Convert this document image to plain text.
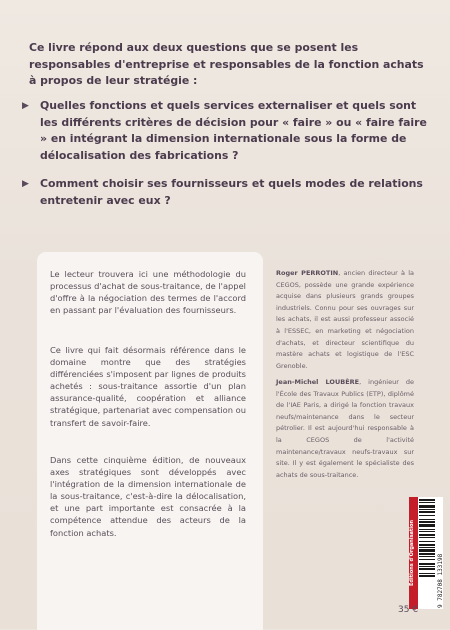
Ce livre répond aux deux questions que se posent les responsables d'entreprise et responsables de la fonction achats à propos de leur stratégie :
▶	Quelles fonctions et quels services externaliser et quels sont les différents critères de décision pour « faire » ou « faire faire » en intégrant la dimension internationale sous la forme de délocalisation des fabrications ?
▶	Comment choisir ses fournisseurs et quels modes de relations entretenir avec eux ?

Le lecteur trouvera ici une méthodologie du processus d'achat de sous-traitance, de l'appel d'offre à la négociation des termes de l'accord en passant par l'évaluation des fournisseurs.

Ce livre qui fait désormais référence dans le domaine montre que des stratégies différenciées s'imposent par lignes de produits achetés : sous-traitance assortie d'un plan assurance-qualité, coopération et alliance stratégique, partenariat avec compensation ou transfert de savoir-faire.

Dans cette cinquième édition, de nouveaux axes stratégiques sont développés avec l'intégration de la dimension internationale de la sous-traitance, c'est-à-dire la délocalisation, et une part importante est consacrée à la compétence attendue des acteurs de la fonction achats.

Roger PERROTIN, ancien directeur à la CEGOS, possède une grande expérience acquise dans plusieurs grands groupes industriels. Connu pour ses ouvrages sur les achats, il est aussi professeur associé à l'ESSEC, en marketing et négociation d'achats, et directeur scientifique du mastère achats et logistique de l'ESC Grenoble.

Jean-Michel LOUBÈRE, ingénieur de l'École des Travaux Publics (ETP), diplômé de l'IAE Paris, a dirigé la fonction travaux neufs/maintenance dans le secteur pétrolier. Il est aujourd'hui responsable à la CEGOS de l'activité maintenance/travaux neufs-travaux sur site. Il y est également le spécialiste des achats de sous-traitance.

Éditions d'Organisation	9 782708 133198
35 €
